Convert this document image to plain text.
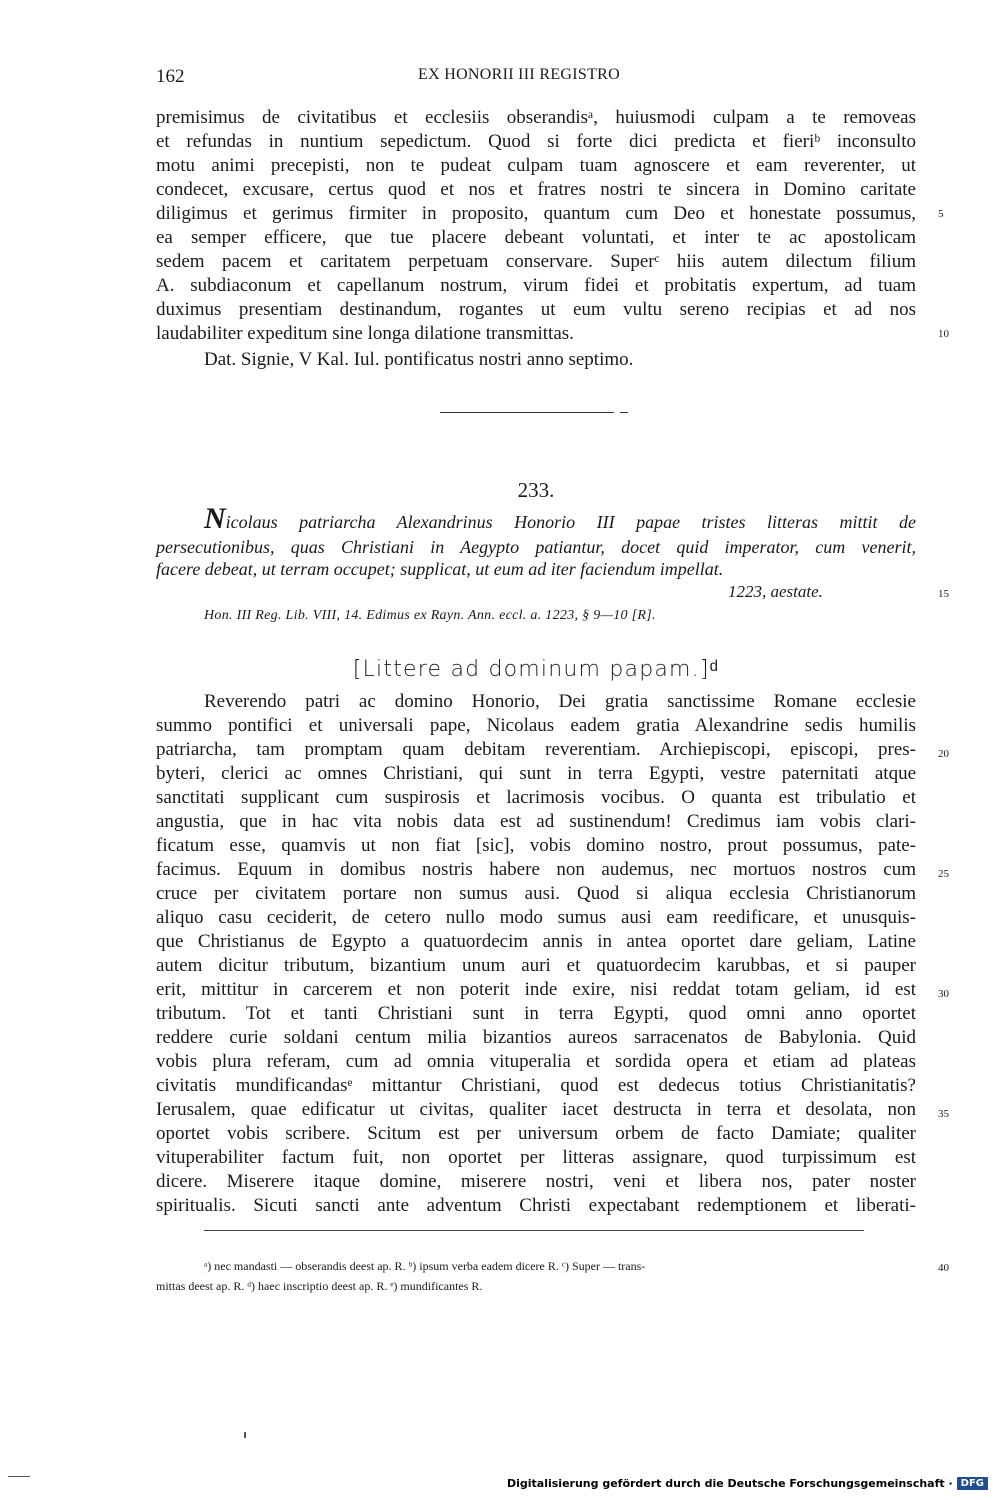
162	EX HONORII III REGISTRO
premisimus de civitatibus et ecclesiis obserandisᵃ, huiusmodi culpam a te removeas
et refundas in nuntium sepedictum. Quod si forte dici predicta et fieriᵇ inconsulto
motu animi precepisti, non te pudeat culpam tuam agnoscere et eam reverenter, ut
condecet, excusare, certus quod et nos et fratres nostri te sincera in Domino caritate
diligimus et gerimus firmiter in proposito, quantum cum Deo et honestate possumus,
ea semper efficere, que tue placere debeant voluntati, et inter te ac apostolicam
sedem pacem et caritatem perpetuam conservare. Superᶜ hiis autem dilectum filium
A. subdiaconum et capellanum nostrum, virum fidei et probitatis expertum, ad tuam
duximus presentiam destinandum, rogantes ut eum vultu sereno recipias et ad nos
laudabiliter expeditum sine longa dilatione transmittas.
Dat. Signie, V Kal. Iul. pontificatus nostri anno septimo.
5
10
233.
Nicolaus patriarcha Alexandrinus Honorio III papae tristes litteras mittit de
persecutionibus, quas Christiani in Aegypto patiantur, docet quid imperator, cum venerit,
facere debeat, ut terram occupet; supplicat, ut eum ad iter faciendum impellat.
1223, aestate.	15
Hon. III Reg. Lib. VIII, 14. Edimus ex Rayn. Ann. eccl. a. 1223, § 9—10 [R].
[Littere ad dominum papam.]ᵈ
Reverendo patri ac domino Honorio, Dei gratia sanctissime Romane ecclesie
summo pontifici et universali pape, Nicolaus eadem gratia Alexandrine sedis humilis
patriarcha, tam promptam quam debitam reverentiam. Archiepiscopi, episcopi, pres-
byteri, clerici ac omnes Christiani, qui sunt in terra Egypti, vestre paternitati atque
sanctitati supplicant cum suspirosis et lacrimosis vocibus. O quanta est tribulatio et
angustia, que in hac vita nobis data est ad sustinendum! Credimus iam vobis clari-
ficatum esse, quamvis ut non fiat [sic], vobis domino nostro, prout possumus, pate-
facimus. Equum in domibus nostris habere non audemus, nec mortuos nostros cum
cruce per civitatem portare non sumus ausi. Quod si aliqua ecclesia Christianorum
aliquo casu ceciderit, de cetero nullo modo sumus ausi eam reedificare, et unusquis-
que Christianus de Egypto a quatuordecim annis in antea oportet dare geliam, Latine
autem dicitur tributum, bizantium unum auri et quatuordecim karubbas, et si pauper
erit, mittitur in carcerem et non poterit inde exire, nisi reddat totam geliam, id est
tributum. Tot et tanti Christiani sunt in terra Egypti, quod omni anno oportet
reddere curie soldani centum milia bizantios aureos sarracenatos de Babylonia. Quid
vobis plura referam, cum ad omnia vituperalia et sordida opera et etiam ad plateas
civitatis mundificandasᵉ mittantur Christiani, quod est dedecus totius Christianitatis?
Ierusalem, quae edificatur ut civitas, qualiter iacet destructa in terra et desolata, non
oportet vobis scribere. Scitum est per universum orbem de facto Damiate; qualiter
vituperabiliter factum fuit, non oportet per litteras assignare, quod turpissimum est
dicere. Miserere itaque domine, miserere nostri, veni et libera nos, pater noster
spiritualis. Sicuti sancti ante adventum Christi expectabant redemptionem et liberati-
20
25
30
35
ᵃ) nec mandasti — obserandis deest ap. R. ᵇ) ipsum verba eadem dicere R. ᶜ) Super — trans-
mittas deest ap. R. ᵈ) haec inscriptio deest ap. R. ᵉ) mundificantes R.
40
Digitalisierung gefördert durch die Deutsche Forschungsgemeinschaft · DFG
